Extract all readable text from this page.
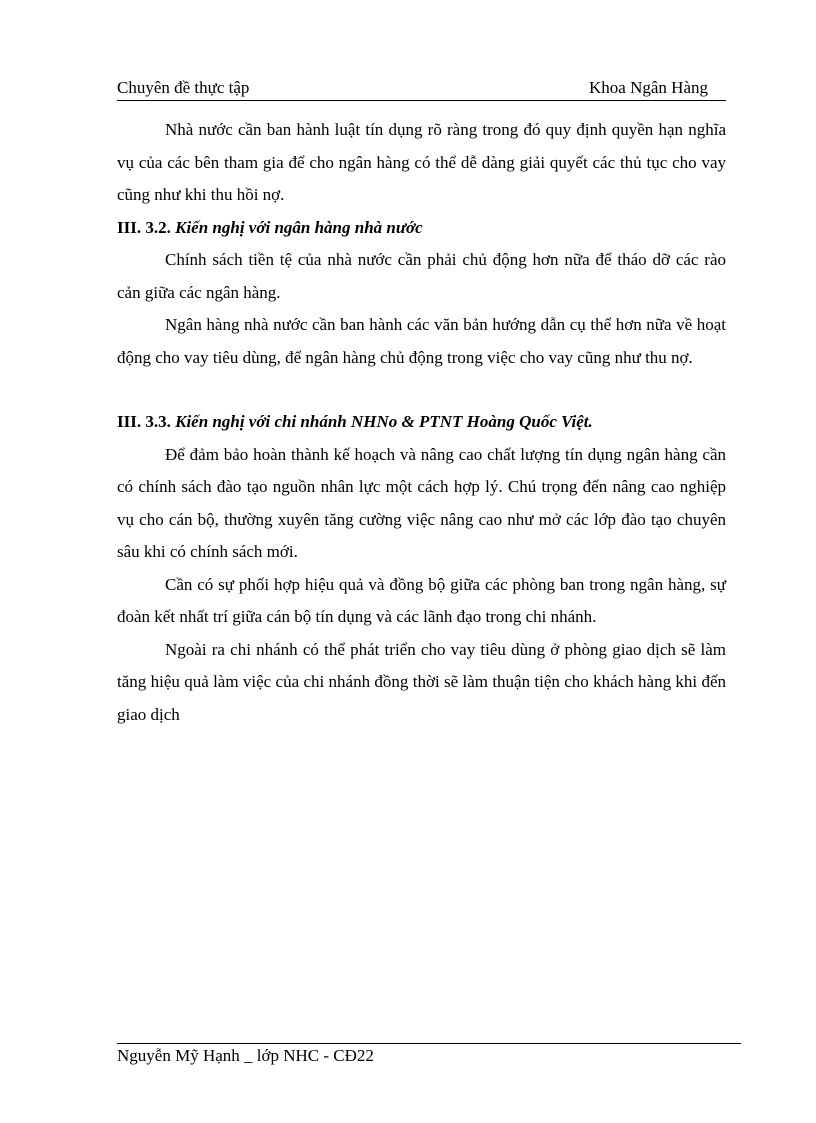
Chuyên đề thực tập	Khoa Ngân Hàng

Nhà nước cần ban hành luật tín dụng rõ ràng trong đó quy định quyền hạn nghĩa vụ của các bên tham gia để cho ngân hàng có thể dễ dàng giải quyết các thủ tục cho vay cũng như khi thu hồi nợ.

III. 3.2. Kiến nghị với ngân hàng nhà nước

Chính sách tiền tệ của nhà nước cần phải chủ động hơn nữa để tháo dỡ các rào cản giữa các ngân hàng.

Ngân hàng nhà nước cần ban hành các văn bản hướng dẫn cụ thể hơn nữa về hoạt động cho vay tiêu dùng, để ngân hàng chủ động trong việc cho vay cũng như thu nợ.

III. 3.3. Kiến nghị với chi nhánh NHNo & PTNT Hoàng Quốc Việt.

Để đảm bảo hoàn thành kế hoạch và nâng cao chất lượng tín dụng ngân hàng cần có chính sách đào tạo nguồn nhân lực một cách hợp lý. Chú trọng đến nâng cao nghiệp vụ cho cán bộ, thường xuyên tăng cường việc nâng cao như mở các lớp đào tạo chuyên sâu khi có chính sách mới.

Cần có sự phối hợp hiệu quả và đồng bộ giữa các phòng ban trong ngân hàng, sự đoàn kết nhất trí giữa cán bộ tín dụng và các lãnh đạo trong chi nhánh.

Ngoài ra chi nhánh có thể phát triển cho vay tiêu dùng ở phòng giao dịch sẽ làm tăng hiệu quả làm việc của chi nhánh đồng thời sẽ làm thuận tiện cho khách hàng khi đến giao dịch

Nguyễn Mỹ Hạnh _ lớp NHC - CĐ22
